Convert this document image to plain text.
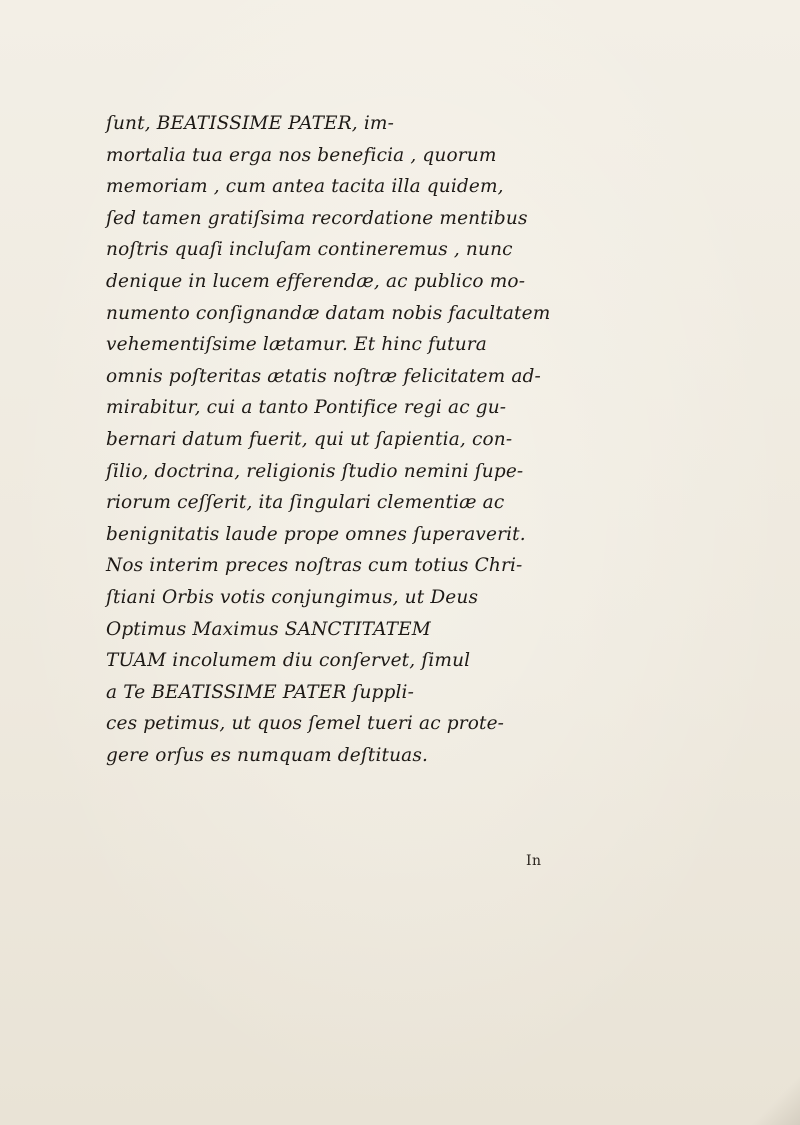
ſunt, BEATISSIME PATER, im-
mortalia tua erga nos beneficia , quorum
memoriam , cum antea tacita illa quidem,
ſed tamen gratiſsima recordatione mentibus
noſtris quaſi incluſam contineremus , nunc
denique in lucem efferendæ, ac publico mo-
numento conſignandæ datam nobis facultatem
vehementiſsime lætamur. Et hinc futura
omnis poſteritas ætatis noſtræ felicitatem ad-
mirabitur, cui a tanto Pontifice regi ac gu-
bernari datum fuerit, qui ut ſapientia, con-
ſilio, doctrina, religionis ſtudio nemini ſupe-
riorum ceſſerit, ita ſingulari clementiæ ac
benignitatis laude prope omnes ſuperaverit.
Nos interim preces noſtras cum totius Chri-
ſtiani Orbis votis conjungimus, ut Deus
Optimus Maximus SANCTITATEM
TUAM incolumem diu conſervet, ſimul
a Te BEATISSIME PATER ſuppli-
ces petimus, ut quos ſemel tueri ac prote-
gere orſus es numquam deſtituas.
In
